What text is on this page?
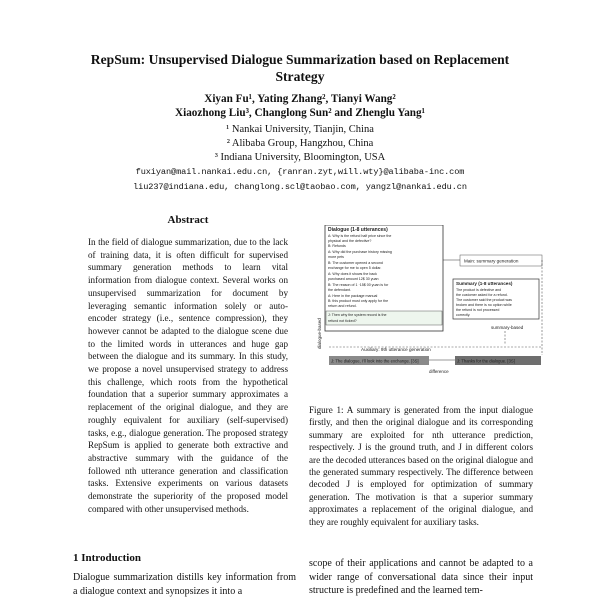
RepSum: Unsupervised Dialogue Summarization based on Replacement Strategy
Xiyan Fu¹, Yating Zhang², Tianyi Wang²
Xiaozhong Liu³, Changlong Sun² and Zhenglu Yang¹
¹ Nankai University, Tianjin, China
² Alibaba Group, Hangzhou, China
³ Indiana University, Bloomington, USA
fuxiyan@mail.nankai.edu.cn, {ranran.zyt,will.wty}@alibaba-inc.com
liu237@indiana.edu, changlong.scl@taobao.com, yangzl@nankai.edu.cn
Abstract
In the field of dialogue summarization, due to the lack of training data, it is often difficult for supervised summary generation methods to learn vital information from dialogue context. Several works on unsupervised summarization for document by leveraging semantic information solely or auto-encoder strategy (i.e., sentence compression), they however cannot be adapted to the dialogue scene due to the limited words in utterances and huge gap between the dialogue and its summary. In this study, we propose a novel unsupervised strategy to address this challenge, which roots from the hypothetical foundation that a superior summary approximates a replacement of the original dialogue, and they are roughly equivalent for auxiliary (self-supervised) tasks, e.g., dialogue generation. The proposed strategy RepSum is applied to generate both extractive and abstractive summary with the guidance of the followed nth utterance generation and classification tasks. Extensive experiments on various datasets demonstrate the superiority of the proposed model compared with other unsupervised methods.
1 Introduction
Dialogue summarization distills key information from a dialogue context and synopsizes it into a
Dialogue (1-8 utterances)
A: Why is the refund half price since the
physical and the defective?
B: Refunds
A: Why did the purchase history missing
more pets
B: The customer opened a second
exchange for me to open 5 dollar.
A: Why does it shows the back
purchased amount 12$ 30 yuan
B: The reason of 1 ·15$ 00 yuan is for
the defendant.
A: Here in the package manual
B: this product must only apply for the
return and refund.
J: Then why the system record is the
refund not ticked?
dialogue-based
Main: summary generation
Summary (1-8 utterances)
The product is defective and
the customer asked for a refund.
The customer said the product was
broken and there is no option while
the refund is not processed
correctly.
summary-based
Auxiliary: 9th utterance generation
J: The dialogue, I'll look into the exchange. [3S]	J: Thanks for the dialogue. [3S]
difference
Figure 1: A summary is generated from the input dialogue firstly, and then the original dialogue and its corresponding summary are exploited for nth utterance prediction, respectively. J is the ground truth, and J in different colors are the decoded utterances based on the original dialogue and the generated summary respectively. The difference between decoded J is employed for optimization of summary generation. The motivation is that a superior summary approximates a replacement of the original dialogue, and they are roughly equivalent for auxiliary tasks.
scope of their applications and cannot be adapted to a wider range of conversational data since their input structure is predefined and the learned tem-
